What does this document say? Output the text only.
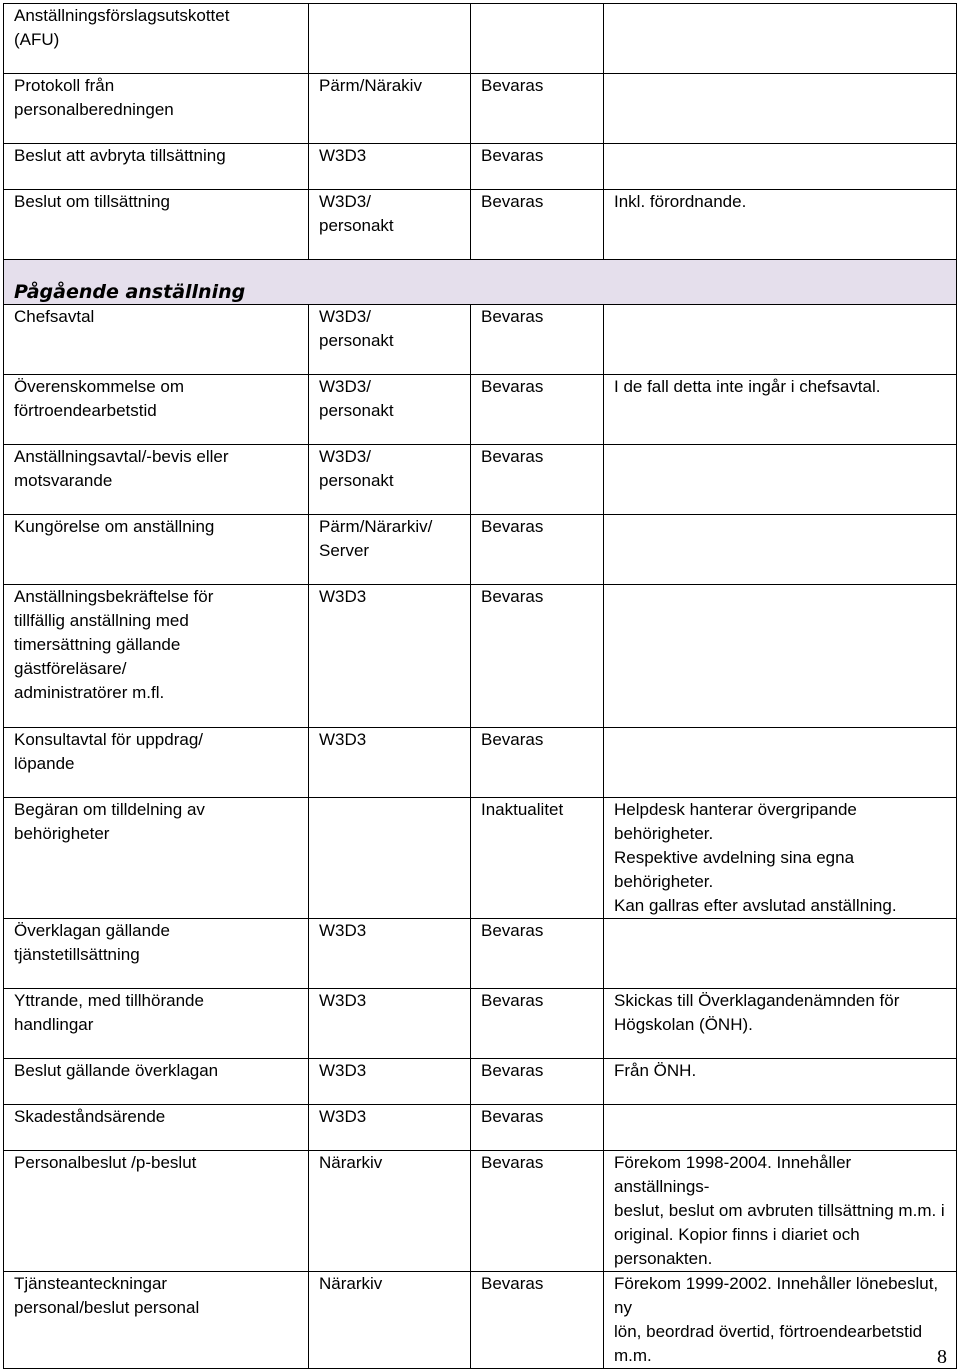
Anställningsförslagsutskottet
(AFU)			

Protokoll från
personalberedningen	Pärm/Närakiv	Bevaras	

Beslut att avbryta tillsättning	W3D3	Bevaras	

Beslut om tillsättning	W3D3/
personakt	Bevaras	Inkl. förordnande.

Pågående anställning			

Chefsavtal	W3D3/
personakt	Bevaras	

Överenskommelse om
förtroendearbetstid	W3D3/
personakt	Bevaras	I de fall detta inte ingår i chefsavtal.

Anställningsavtal/-bevis eller
motsvarande	W3D3/
personakt	Bevaras	

Kungörelse om anställning	Pärm/Närarkiv/
Server	Bevaras	

Anställningsbekräftelse för
tillfällig anställning med
timersättning gällande
gästföreläsare/
administratörer m.fl.	W3D3	Bevaras	

Konsultavtal för uppdrag/
löpande	W3D3	Bevaras	

Begäran om tilldelning av
behörigheter		Inaktualitet	Helpdesk hanterar övergripande behörigheter.
Respektive avdelning sina egna behörigheter.
Kan gallras efter avslutad anställning.

Överklagan gällande
tjänstetillsättning	W3D3	Bevaras	

Yttrande, med tillhörande
handlingar	W3D3	Bevaras	Skickas till Överklagandenämnden för
Högskolan (ÖNH).

Beslut gällande överklagan	W3D3	Bevaras	Från ÖNH.

Skadeståndsärende	W3D3	Bevaras	

Personalbeslut /p-beslut	Närarkiv	Bevaras	Förekom 1998-2004. Innehåller anställnings-
beslut, beslut om avbruten tillsättning m.m. i
original. Kopior finns i diariet och personakten.

Tjänsteanteckningar
personal/beslut personal	Närarkiv	Bevaras	Förekom 1999-2002. Innehåller lönebeslut, ny
lön, beordrad övertid, förtroendearbetstid m.m.	8
